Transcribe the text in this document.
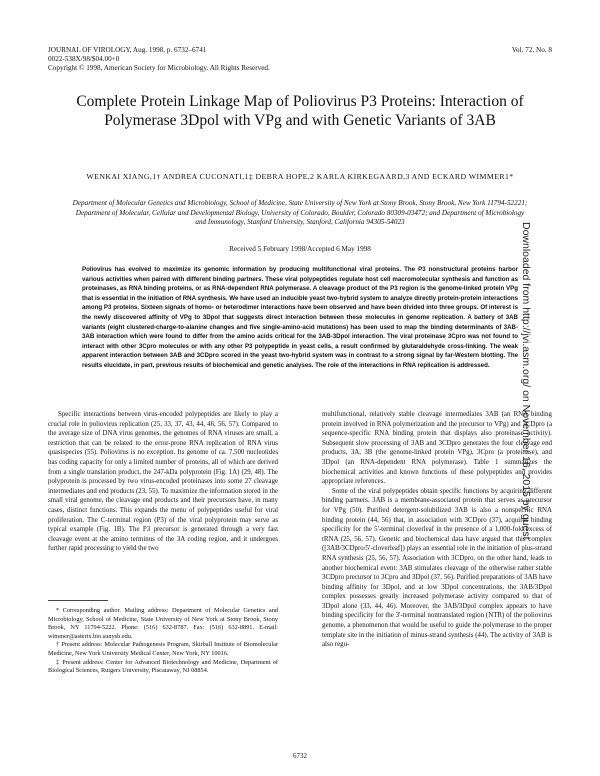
JOURNAL OF VIROLOGY, Aug. 1998, p. 6732–6741
0022-538X/98/$04.00+0
Copyright © 1998, American Society for Microbiology. All Rights Reserved.
Vol. 72, No. 8
Complete Protein Linkage Map of Poliovirus P3 Proteins: Interaction of Polymerase 3Dpol with VPg and with Genetic Variants of 3AB
WENKAI XIANG,1† ANDREA CUCONATI,1‡ DEBRA HOPE,2 KARLA KIRKEGAARD,3 AND ECKARD WIMMER1*
Department of Molecular Genetics and Microbiology, School of Medicine, State University of New York at Stony Brook, Stony Brook, New York 11794-52221; Department of Molecular, Cellular and Developmental Biology, University of Colorado, Boulder, Colorado 80309-03472; and Department of Microbiology and Immunology, Stanford University, Stanford, California 94305-54023
Received 5 February 1998/Accepted 6 May 1998
Poliovirus has evolved to maximize its genomic information by producing multifunctional viral proteins. The P3 nonstructural proteins harbor various activities when paired with different binding partners. These viral polypeptides regulate host cell macromolecular synthesis and function as proteinases, as RNA binding proteins, or as RNA-dependent RNA polymerase. A cleavage product of the P3 region is the genome-linked protein VPg that is essential in the initiation of RNA synthesis. We have used an inducible yeast two-hybrid system to analyze directly protein-protein interactions among P3 proteins. Sixteen signals of homo- or heterodimer interactions have been observed and have been divided into three groups. Of interest is the newly discovered affinity of VPg to 3Dpol that suggests direct interaction between these molecules in genome replication. A battery of 3AB variants (eight clustered-charge-to-alanine changes and five single-amino-acid mutations) has been used to map the binding determinants of 3AB-3AB interaction which were found to differ from the amino acids critical for the 3AB-3Dpol interaction. The viral proteinase 3Cpro was not found to interact with other 3Cpro molecules or with any other P3 polypeptide in yeast cells, a result confirmed by glutaraldehyde cross-linking. The weak apparent interaction between 3AB and 3CDpro scored in the yeast two-hybrid system was in contrast to a strong signal by far-Western blotting. The results elucidate, in part, previous results of biochemical and genetic analyses. The role of the interactions in RNA replication is addressed.

Specific interactions between virus-encoded polypeptides are likely to play a crucial role in poliovirus replication (25, 33, 37, 43, 44, 46, 56, 57). Compared to the average size of DNA virus genomes, the genomes of RNA viruses are small, a restriction that can be related to the error-prone RNA replication of RNA virus quasispecies (55). Poliovirus is no exception. Its genome of ca. 7,500 nucleotides has coding capacity for only a limited number of proteins, all of which are derived from a single translation product, the 247-kDa polyprotein (Fig. 1A) (29, 48). The polyprotein is processed by two virus-encoded proteinases into some 27 cleavage intermediates and end products (23, 55). To maximize the information stored in the small viral genome, the cleavage end products and their precursors have, in many cases, distinct functions. This expands the menu of polypeptides useful for viral proliferation. The C-terminal region (P3) of the viral polyprotein may serve as typical example (Fig. 1B). The P3 precursor is generated through a very fast cleavage event at the amino terminus of the 3A coding region, and it undergoes further rapid processing to yield the two

multifunctional, relatively stable cleavage intermediates 3AB (an RNA binding protein involved in RNA polymerization and the precursor to VPg) and 3CDpro (a sequence-specific RNA binding protein that displays also proteinase activity). Subsequent slow processing of 3AB and 3CDpro generates the four cleavage end products, 3A, 3B (the genome-linked protein VPg), 3Cpro (a proteinase), and 3Dpol (an RNA-dependent RNA polymerase). Table 1 summarizes the biochemical activities and known functions of these polypeptides and provides appropriate references.

Some of the viral polypeptides obtain specific functions by acquiring different binding partners. 3AB is a membrane-associated protein that serves as precursor for VPg (50). Purified detergent-solubilized 3AB is also a nonspecific RNA binding protein (44, 56) that, in association with 3CDpro (37), acquires binding specificity for the 5'-terminal cloverleaf in the presence of a 1,000-fold excess of tRNA (25, 56, 57). Genetic and biochemical data have argued that this complex ([3AB/3CDpro/5'-cloverleaf]) plays an essential role in the initiation of plus-strand RNA synthesis (25, 56, 57). Association with 3CDpro, on the other hand, leads to another biochemical event: 3AB stimulates cleavage of the otherwise rather stable 3CDpro precursor to 3Cpro and 3Dpol (37, 56). Purified preparations of 3AB have binding affinity for 3Dpol, and at low 3Dpol concentrations, the 3AB/3Dpol complex possesses greatly increased polymerase activity compared to that of 3Dpol alone (33, 44, 46). Moreover, the 3AB/3Dpol complex appears to have binding specificity for the 3'-terminal nontranslated region (NTR) of the poliovirus genome, a phenomenon that would be useful to guide the polymerase to the proper template site in the initiation of minus-strand synthesis (44). The activity of 3AB is also regu-

* Corresponding author. Mailing address: Department of Molecular Genetics and Microbiology, School of Medicine, State University of New York at Stony Brook, Stony Brook, NY 11794-5222. Phone: (516) 632-8787. Fax: (516) 632-8891. E-mail: wimmer@asterix.bio.sunysb.edu.

† Present address: Molecular Pathogenesis Program, Skirball Institute of Biomolecular Medicine, New York University Medical Center, New York, NY 10016.

‡ Present address: Center for Advanced Biotechnology and Medicine, Department of Biological Sciences, Rutgers University, Piscataway, NJ 08854.

6732
Downloaded from http://jvi.asm.org/ on November 16, 2015 by guest
